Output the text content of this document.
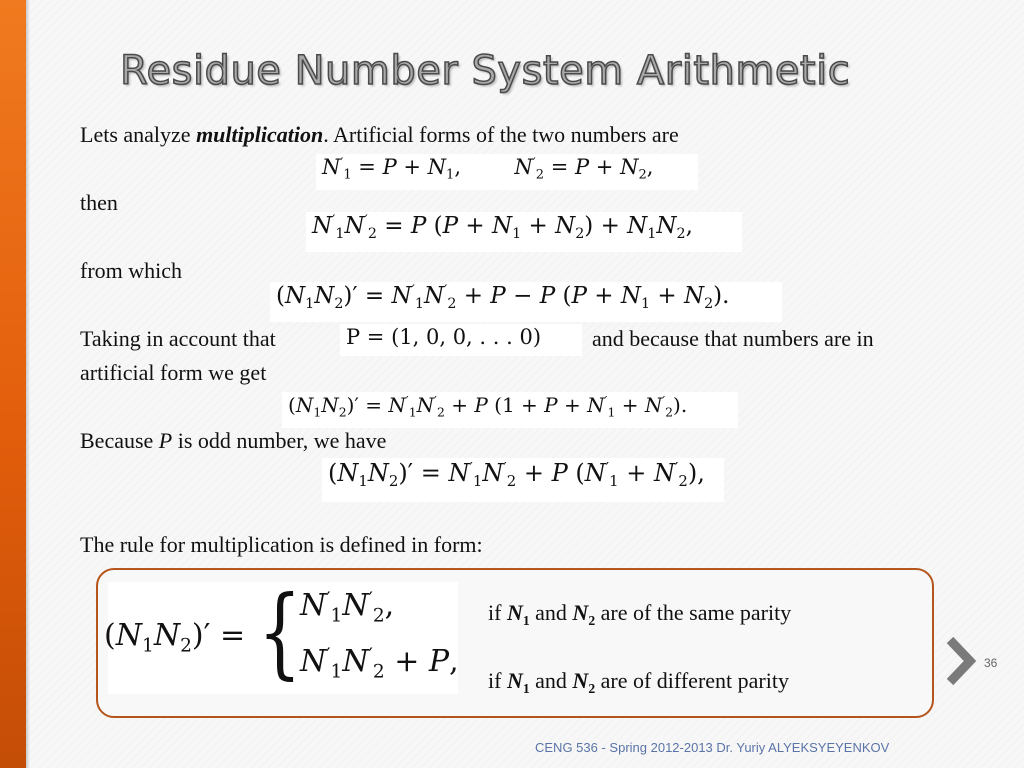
Residue Number System Arithmetic
Lets analyze multiplication. Artificial forms of the two numbers are
$N'_1 = P + N_1$,        $N'_2 = P + N_2$,
then
$N'_1N'_2 = P$ $(P + N_1 + N_2) + N_1N_2$,
from which
$(N_1N_2)' = N'_1N'_2 + P - P$ $(P + N_1 + N_2)$.
Taking in account that	P = (1, 0, 0, . . . 0)	and because that numbers are in
artificial form we get
$(N_1N_2)' = N'_1N'_2 + P$ $(1 + P + N'_1 + N'_2)$.
Because P is odd number, we have
$(N_1N_2)' = N'_1N'_2 + P$ $(N'_1 + N'_2)$,
The rule for multiplication is defined in form:
$(N_1N_2)'$ = {
$N'_1N'_2$,
$N'_1N'_2 + P$,
if $N_1$ and $N_2$ are of the same parity
if $N_1$ and $N_2$ are of different parity
36
CENG 536 - Spring 2012-2013 Dr. Yuriy ALYEKSYEYENKOV
